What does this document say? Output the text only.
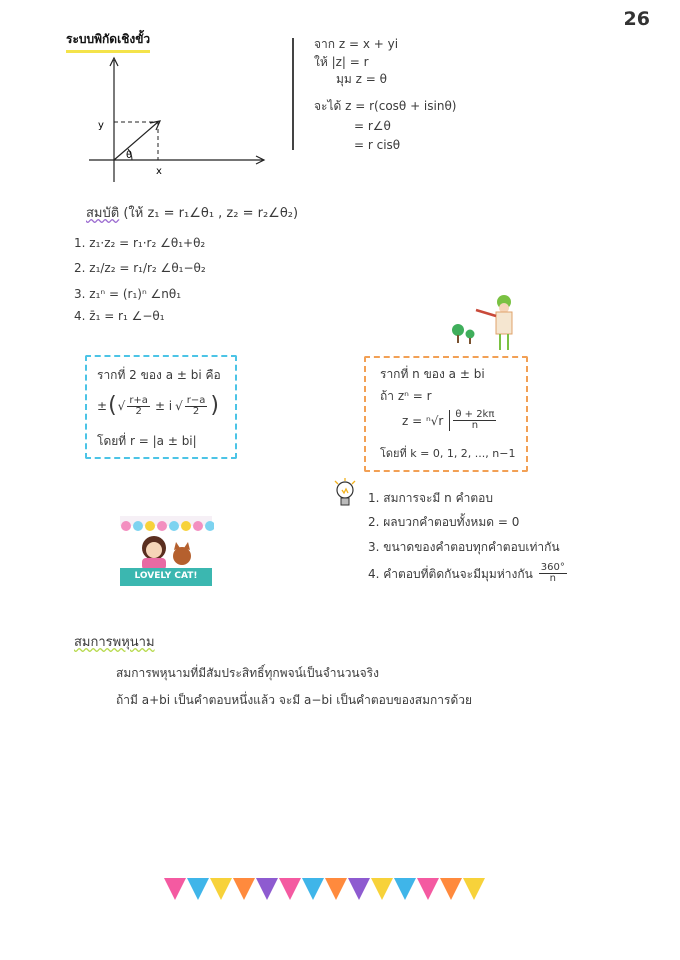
26
ระบบพิกัดเชิงขั้ว
y
x
θ
จาก z = x + yi
ให้ |z| = r
มุม z = θ
จะได้ z = r(cosθ + isinθ)
= r∠θ
= r cisθ
สมบัติ (ให้ z₁ = r₁∠θ₁ , z₂ = r₂∠θ₂)
1. z₁·z₂ = r₁·r₂ ∠θ₁+θ₂
2. z₁/z₂ = r₁/r₂ ∠θ₁−θ₂
3. z₁ⁿ = (r₁)ⁿ ∠nθ₁
4. z̄₁ = r₁ ∠−θ₁
รากที่ 2 ของ a ± bi คือ
± ( √ $\frac{r+a}{2} \pm i$ √ $\frac{r-a}{2}$ )
โดยที่ r = |a ± bi|
รากที่ n ของ a ± bi
ถ้า zⁿ = r
$z = ^n√r \frac{\theta + 2k\pi}{n}$
โดยที่ k = 0, 1, 2, ..., n−1
1. สมการจะมี n คำตอบ
2. ผลบวกคำตอบทั้งหมด = 0
3. ขนาดของคำตอบทุกคำตอบเท่ากัน
4. คำตอบที่ติดกันจะมีมุมห่างกัน $\frac{360^\circ}{n}$
LOVELY CAT!
สมการพหุนาม
สมการพหุนามที่มีสัมประสิทธิ์ทุกพจน์เป็นจำนวนจริง
ถ้ามี a+bi เป็นคำตอบหนึ่งแล้ว จะมี a−bi เป็นคำตอบของสมการด้วย
